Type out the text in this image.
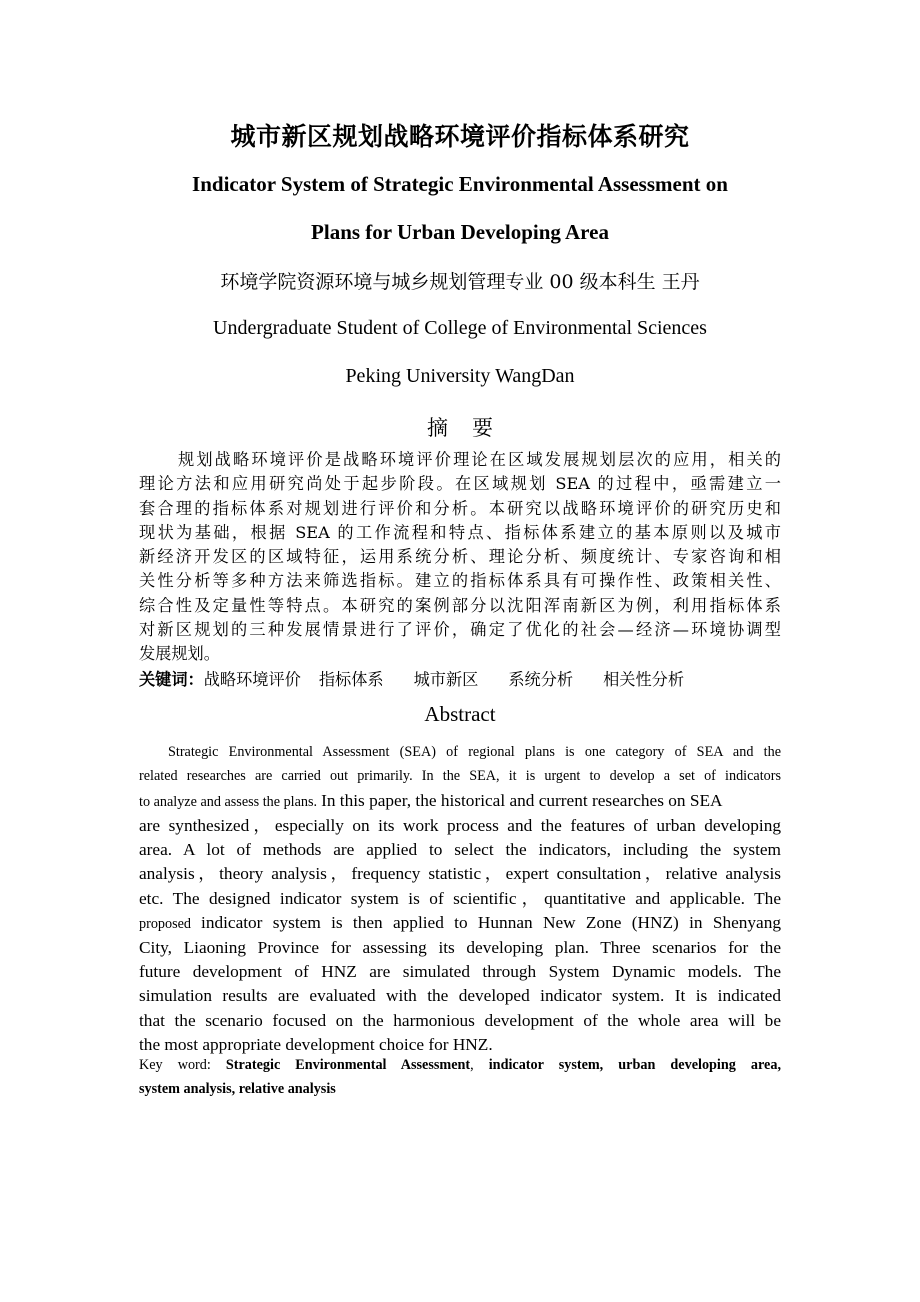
城市新区规划战略环境评价指标体系研究
Indicator System of Strategic Environmental Assessment on
Plans for Urban Developing Area
环境学院资源环境与城乡规划管理专业 00 级本科生 王丹
Undergraduate Student of College of Environmental Sciences
Peking University WangDan
摘要
规划战略环境评价是战略环境评价理论在区域发展规划层次的应用，相关的
理论方法和应用研究尚处于起步阶段。在区域规划 SEA 的过程中，亟需建立一
套合理的指标体系对规划进行评价和分析。本研究以战略环境评价的研究历史和
现状为基础，根据 SEA 的工作流程和特点、指标体系建立的基本原则以及城市
新经济开发区的区域特征，运用系统分析、理论分析、频度统计、专家咨询和相
关性分析等多种方法来筛选指标。建立的指标体系具有可操作性、政策相关性、
综合性及定量性等特点。本研究的案例部分以沈阳浑南新区为例，利用指标体系
对新区规划的三种发展情景进行了评价，确定了优化的社会—经济—环境协调型
发展规划。
关键词：战略环境评价 指标体系 城市新区 系统分析 相关性分析
Abstract
Strategic Environmental Assessment (SEA) of regional plans is one category of SEA and the
related researches are carried out primarily. In the SEA, it is urgent to develop a set of indicators
to analyze and assess the plans. In this paper, the historical and current researches on SEA
are synthesized，especially on its work process and the features of urban developing
area. A lot of methods are applied to select the indicators, including the system
analysis，theory analysis，frequency statistic，expert consultation，relative analysis
etc. The designed indicator system is of scientific，quantitative and applicable. The
proposed indicator system is then applied to Hunnan New Zone (HNZ) in Shenyang
City, Liaoning Province for assessing its developing plan. Three scenarios for the
future development of HNZ are simulated through System Dynamic models. The
simulation results are evaluated with the developed indicator system. It is indicated
that the scenario focused on the harmonious development of the whole area will be
the most appropriate development choice for HNZ.
Key word: Strategic Environmental Assessment, indicator system, urban developing area,
system analysis, relative analysis
